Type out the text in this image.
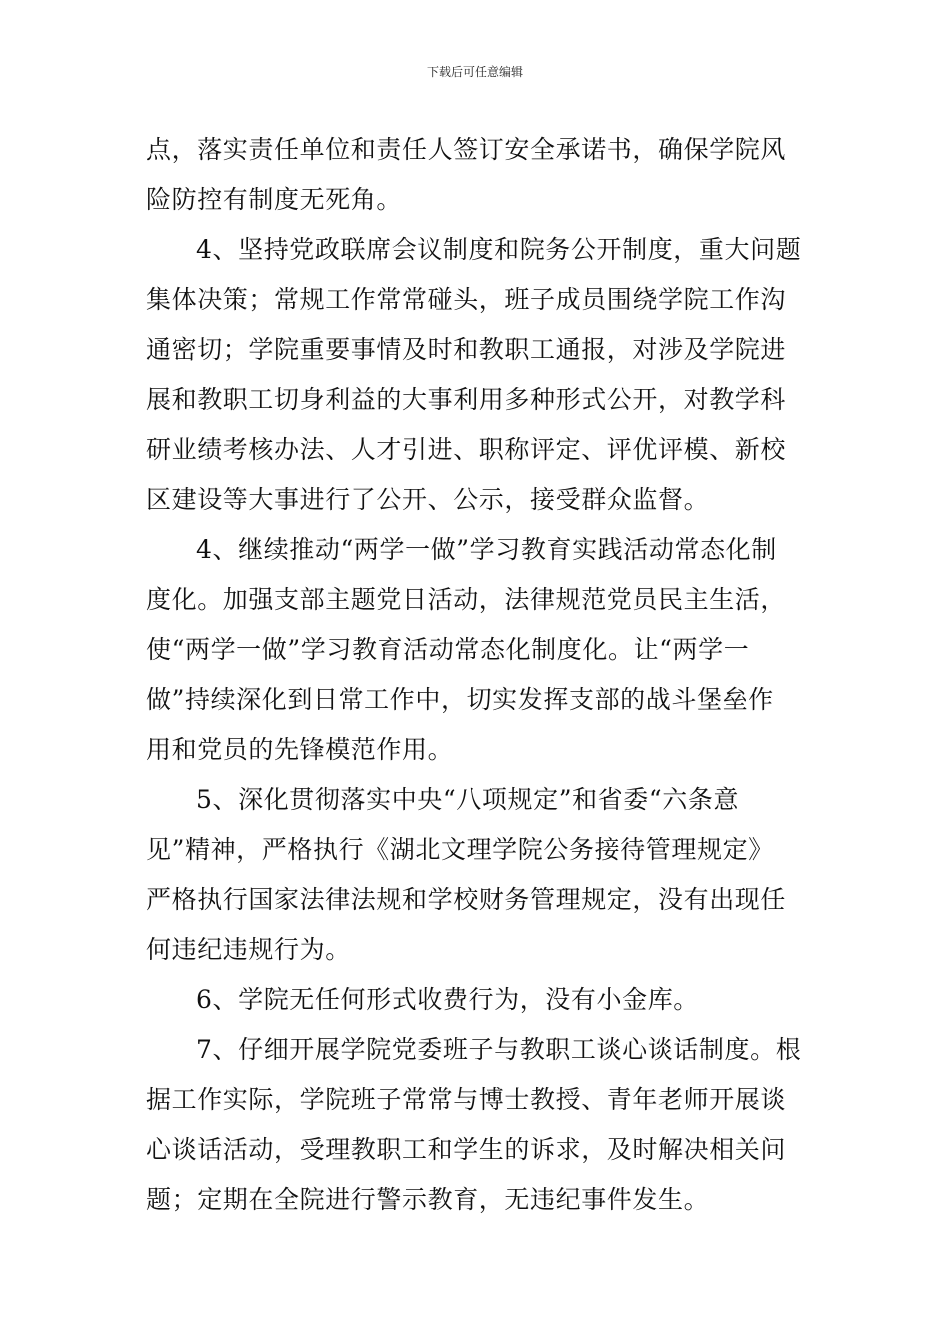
下载后可任意编辑
点，落实责任单位和责任人签订安全承诺书，确保学院风
险防控有制度无死角。
4、坚持党政联席会议制度和院务公开制度，重大问题
集体决策；常规工作常常碰头，班子成员围绕学院工作沟
通密切；学院重要事情及时和教职工通报，对涉及学院进
展和教职工切身利益的大事利用多种形式公开，对教学科
研业绩考核办法、人才引进、职称评定、评优评模、新校
区建设等大事进行了公开、公示，接受群众监督。
4、继续推动“两学一做”学习教育实践活动常态化制
度化。加强支部主题党日活动，法律规范党员民主生活，
使“两学一做”学习教育活动常态化制度化。让“两学一
做”持续深化到日常工作中，切实发挥支部的战斗堡垒作
用和党员的先锋模范作用。
5、深化贯彻落实中央“八项规定”和省委“六条意
见”精神，严格执行《湖北文理学院公务接待管理规定》
严格执行国家法律法规和学校财务管理规定，没有出现任
何违纪违规行为。
6、学院无任何形式收费行为，没有小金库。
7、仔细开展学院党委班子与教职工谈心谈话制度。根
据工作实际，学院班子常常与博士教授、青年老师开展谈
心谈话活动，受理教职工和学生的诉求，及时解决相关问
题；定期在全院进行警示教育，无违纪事件发生。
